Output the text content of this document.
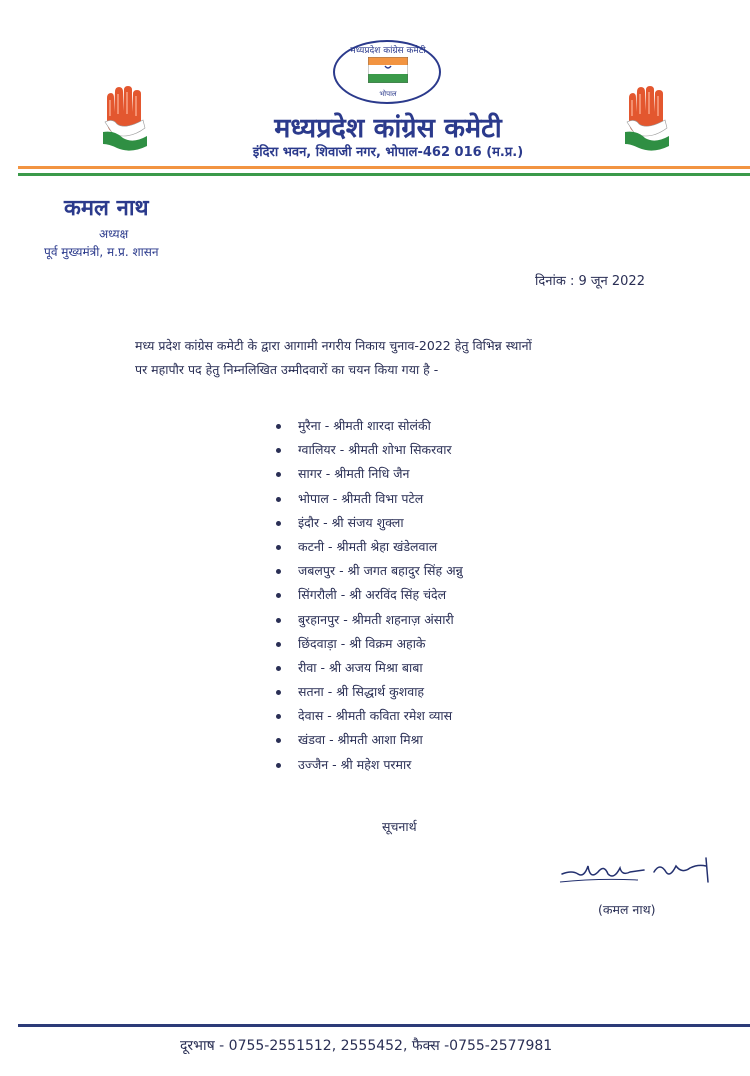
मध्यप्रदेश कांग्रेस कमेटी
भोपाल
मध्यप्रदेश कांग्रेस कमेटी
इंदिरा भवन, शिवाजी नगर, भोपाल-462 016 (म.प्र.)
कमल नाथ
अध्यक्ष
पूर्व मुख्यमंत्री, म.प्र. शासन
दिनांक : 9 जून 2022

मध्य प्रदेश कांग्रेस कमेटी के द्वारा आगामी नगरीय निकाय चुनाव-2022 हेतु विभिन्न स्थानों

पर महापौर पद हेतु निम्नलिखित उम्मीदवारों का चयन किया गया है -

मुरैना - श्रीमती शारदा सोलंकी
ग्वालियर - श्रीमती शोभा सिकरवार
सागर - श्रीमती निधि जैन
भोपाल - श्रीमती विभा पटेल
इंदौर - श्री संजय शुक्ला
कटनी - श्रीमती श्रेहा खंडेलवाल
जबलपुर - श्री जगत बहादुर सिंह अन्नु
सिंगरौली - श्री अरविंद सिंह चंदेल
बुरहानपुर - श्रीमती शहनाज़ अंसारी
छिंदवाड़ा - श्री विक्रम अहाके
रीवा - श्री अजय मिश्रा बाबा
सतना - श्री सिद्धार्थ कुशवाह
देवास - श्रीमती कविता रमेश व्यास
खंडवा - श्रीमती आशा मिश्रा
उज्जैन - श्री महेश परमार
सूचनार्थ
(कमल नाथ)
दूरभाष - 0755-2551512, 2555452, फैक्स -0755-2577981
